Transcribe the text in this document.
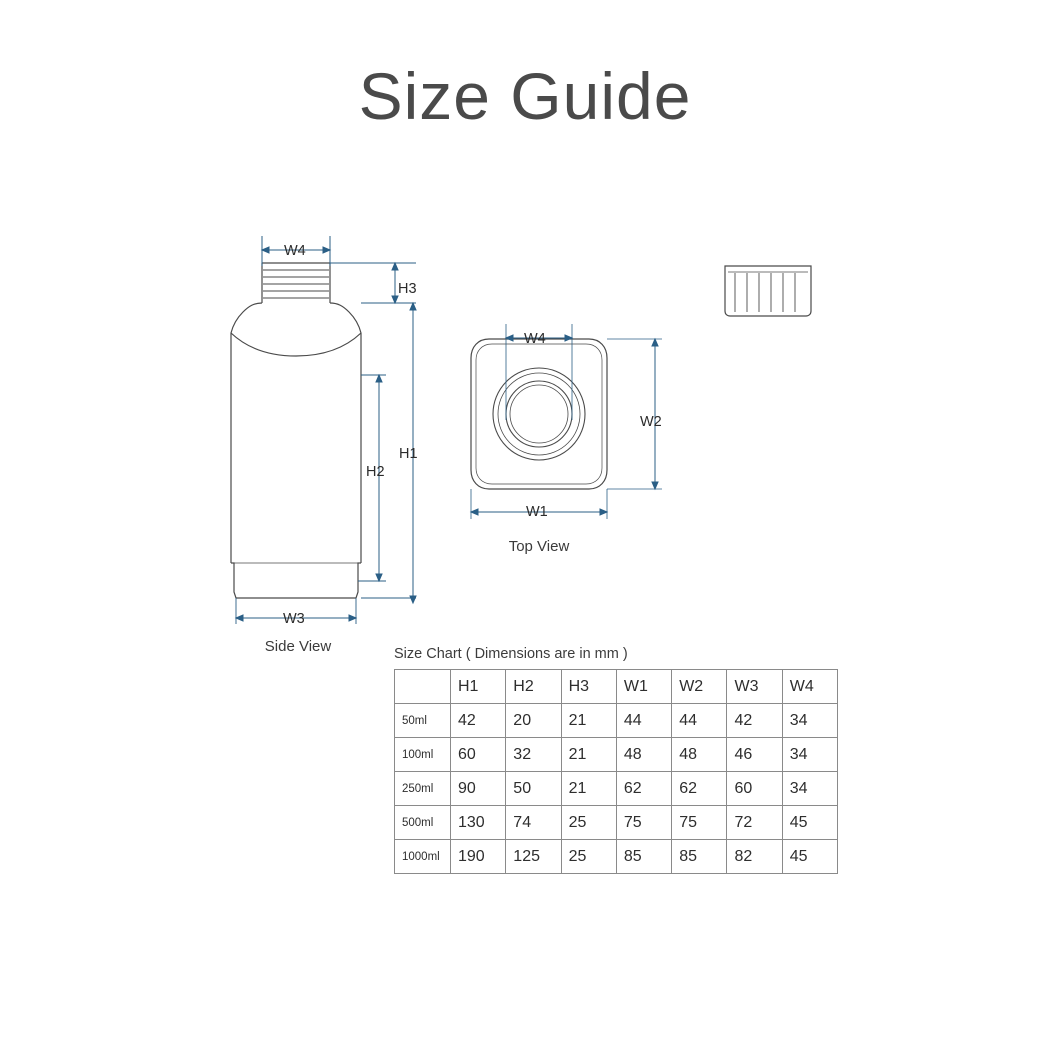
Size Guide
W4
H3
H1
H2
W3
W4
W2
W1
Side View
Top View
Size Chart ( Dimensions are in mm )
	H1	H2	H3	W1	W2	W3	W4
50ml	42	20	21	44	44	42	34
100ml	60	32	21	48	48	46	34
250ml	90	50	21	62	62	60	34
500ml	130	74	25	75	75	72	45
1000ml	190	125	25	85	85	82	45
